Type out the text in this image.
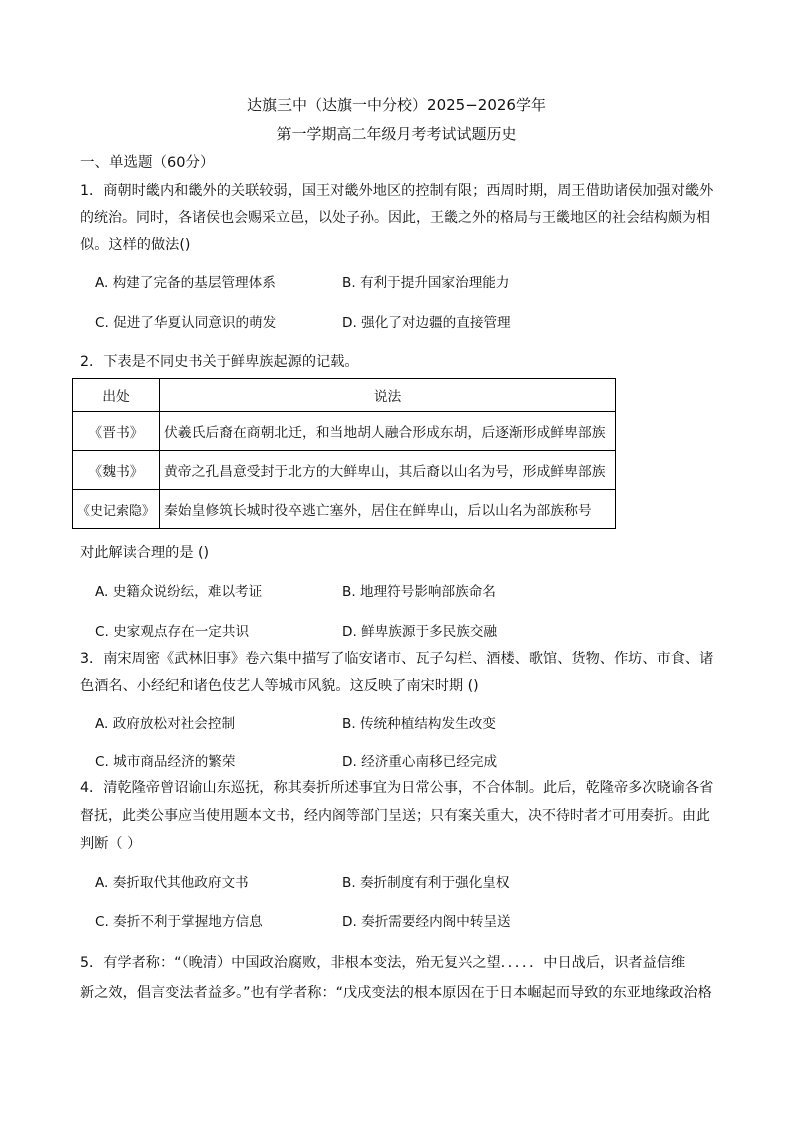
达旗三中（达旗一中分校）2025−2026学年
第一学期高二年级月考考试试题历史
一、单选题（60分）
1．商朝时畿内和畿外的关联较弱，国王对畿外地区的控制有限；西周时期，周王借助诸侯加强对畿外
的统治。同时，各诸侯也会赐采立邑，以处子孙。因此，王畿之外的格局与王畿地区的社会结构颇为相
似。这样的做法()
A. 构建了完备的基层管理体系	B. 有利于提升国家治理能力
C. 促进了华夏认同意识的萌发	D. 强化了对边疆的直接管理
2．下表是不同史书关于鲜卑族起源的记载。
出处	说法
《晋书》	伏羲氏后裔在商朝北迁，和当地胡人融合形成东胡，后逐渐形成鲜卑部族
《魏书》	黄帝之孔昌意受封于北方的大鲜卑山，其后裔以山名为号，形成鲜卑部族
《史记索隐》	秦始皇修筑长城时役卒逃亡塞外，居住在鲜卑山，后以山名为部族称号
对此解读合理的是 ()
A. 史籍众说纷纭，难以考证	B. 地理符号影响部族命名
C. 史家观点存在一定共识	D. 鲜卑族源于多民族交融
3．南宋周密《武林旧事》卷六集中描写了临安诸市、瓦子勾栏、酒楼、歌馆、货物、作坊、市食、诸
色酒名、小经纪和诸色伎艺人等城市风貌。这反映了南宋时期 ()
A. 政府放松对社会控制	B. 传统种植结构发生改变
C. 城市商品经济的繁荣	D. 经济重心南移已经完成
4．清乾隆帝曾诏谕山东巡抚，称其奏折所述事宜为日常公事，不合体制。此后，乾隆帝多次晓谕各省
督抚，此类公事应当使用题本文书，经内阁等部门呈送；只有案关重大，决不待时者才可用奏折。由此
判断（ ）
A. 奏折取代其他政府文书	B. 奏折制度有利于强化皇权
C. 奏折不利于掌握地方信息	D. 奏折需要经内阁中转呈送
5．有学者称：“（晚清）中国政治腐败，非根本变法，殆无复兴之望．．．．．中日战后，识者益信维
新之效，倡言变法者益多。”也有学者称：“戊戌变法的根本原因在于日本崛起而导致的东亚地缘政治格
